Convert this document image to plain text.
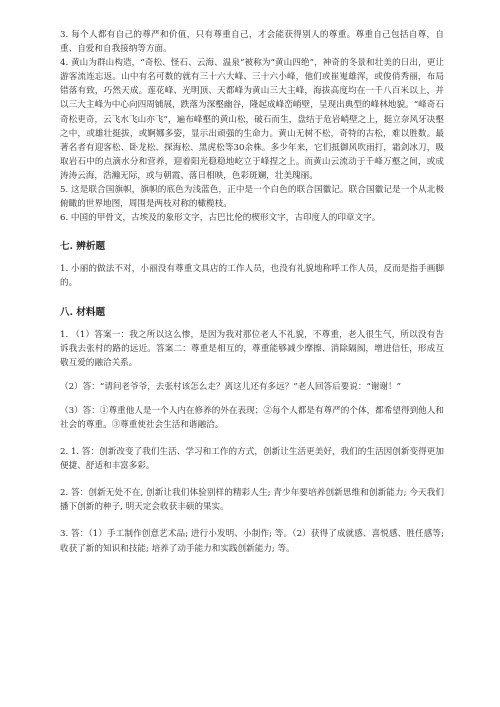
3. 每个人都有自己的尊严和价值，只有尊重自己，才会能获得别人的尊重。尊重自己包括自尊，自重、自爱和自我接纳等方面。

4. 黄山为群山构造，“奇松、怪石、云海、温泉”被称为“黄山四绝”，神奇的冬景和壮美的日出，更让游客流连忘返。山中有名可数的就有三十六大峰、三十六小峰，他们或崔嵬雄浑，或俊俏秀丽，布局错落有致，巧然天成。莲花峰、光明顶、天都峰为黄山三大主峰，海拔高度均在一千八百米以上，并以三大主峰为中心向四周铺展，跌落为深壑幽谷，隆起成峰峦峭壁，呈现出典型的峰林地貌。“峰奇石奇松更奇，云飞水飞山亦飞”，遍布峰壑的黄山松，破石而生，盘结于危岩峭壁之上，挺立奈风牙决壑之中，或雄壮挺拔，或婀娜多姿，显示出顽强的生命力。黄山无树不松，奇特的古松，难以胜数。最著名者有迎客松、卧龙松、探海松、黑虎松等30余株。多少年来，它们抵御风吹雨打，霜剑冰刀，吸取岩石中的点滴水分和营养，迎着阳光稳稳地屹立于峰捏之上。而黄山云流动于千峰万壑之间，或成涛涛云海，浩瀚无际，或与朝霞、落日相映，色彩斑斓，壮美瑰丽。

5. 这是联合国旗帜，旗帜的底色为浅蓝色，正中是一个白色的联合国徽记。联合国徽记是一个从北极俯瞰的世界地图，周围是两枝对称的橄榄枝。

6. 中国的甲骨文，古埃及的象形文字，古巴比伦的楔形文字，古印度人的印章文字。

七. 辨析题

1. 小丽的做法不对，小丽没有尊重文具店的工作人员，也没有礼貌地称呼工作人员，反而是指手画脚的。

八. 材料题

1. （1）答案一：我之所以这么惨，是因为我对那位老人不礼貌，不尊重，老人很生气，所以没有告诉我去张村的路的远近。答案二：尊重是相互的，尊重能够减少摩擦、消除隔阂，增进信任，形成互敬互爱的融洽关系。

（2）答：“请问老爷爷，去张村该怎么走？离这儿还有多远？”老人回答后要说：“谢谢！”

（3）答：①尊重他人是一个人内在修养的外在表现；②每个人都是有尊严的个体，都希望得到他人和社会的尊重。③尊重使社会生活和谐融洽。

2. 1. 答：创新改变了我们生活、学习和工作的方式，创新让生活更美好，我们的生活因创新变得更加便捷、舒适和丰富多彩。

2. 答：创新无处不在, 创新让我们体验别样的精彩人生; 青少年要培养创新思维和创新能力; 今天我们播下创新的种子, 明天定会收获丰硕的果实。

3. 答：（1）手工制作创意艺术品; 进行小发明、小制作; 等。（2）获得了成就感、喜悦感、胜任感等; 收获了新的知识和技能; 培养了动手能力和实践创新能力; 等。
